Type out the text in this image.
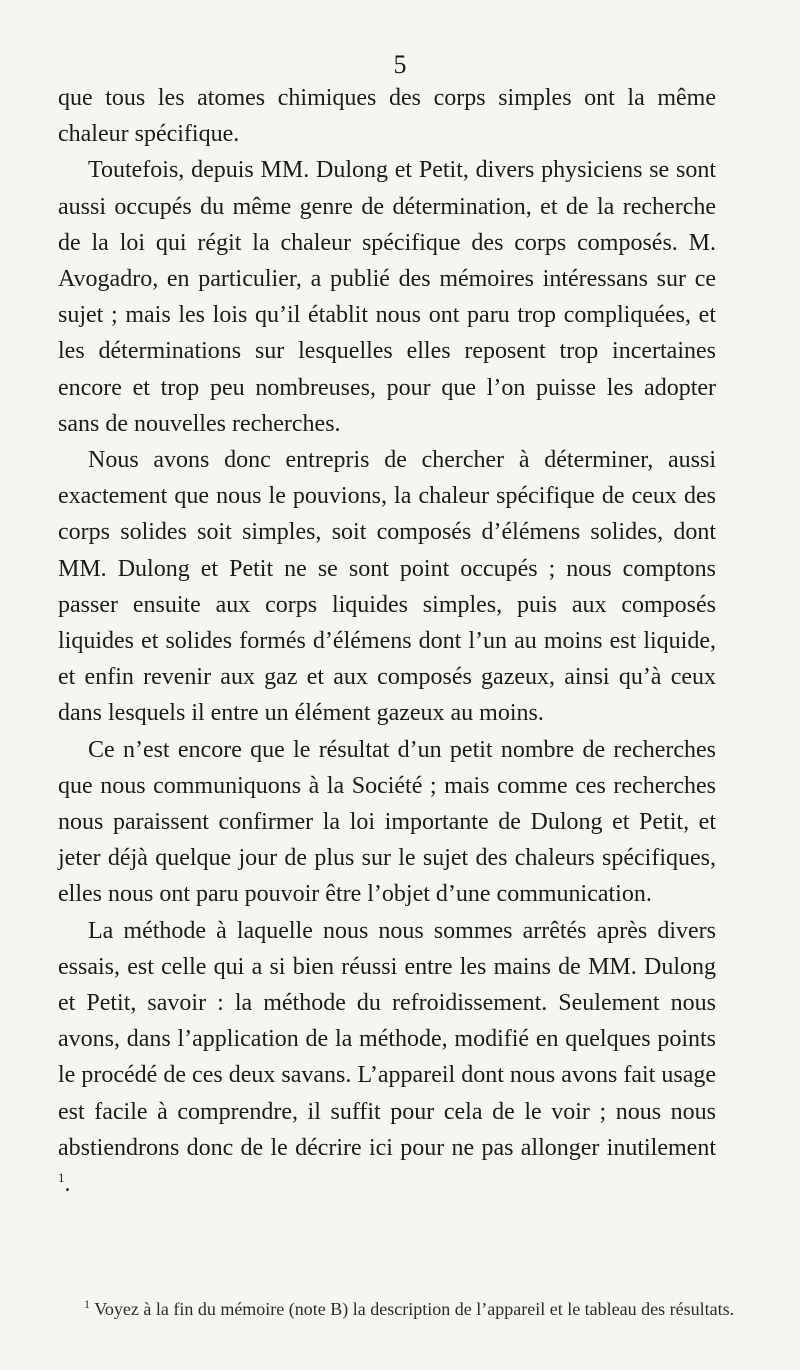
5

que tous les atomes chimiques des corps simples ont la même chaleur spécifique.

Toutefois, depuis MM. Dulong et Petit, divers physiciens se sont aussi occupés du même genre de détermination, et de la recherche de la loi qui régit la chaleur spécifique des corps composés. M. Avogadro, en particulier, a publié des mémoires intéressans sur ce sujet ; mais les lois qu’il établit nous ont paru trop compliquées, et les déterminations sur lesquelles elles reposent trop incertaines encore et trop peu nombreuses, pour que l’on puisse les adopter sans de nouvelles recherches.

Nous avons donc entrepris de chercher à déterminer, aussi exactement que nous le pouvions, la chaleur spécifique de ceux des corps solides soit simples, soit composés d’élémens solides, dont MM. Dulong et Petit ne se sont point occupés ; nous comptons passer ensuite aux corps liquides simples, puis aux composés liquides et solides formés d’élémens dont l’un au moins est liquide, et enfin revenir aux gaz et aux composés gazeux, ainsi qu’à ceux dans lesquels il entre un élément gazeux au moins.

Ce n’est encore que le résultat d’un petit nombre de recherches que nous communiquons à la Société ; mais comme ces recherches nous paraissent confirmer la loi importante de Dulong et Petit, et jeter déjà quelque jour de plus sur le sujet des chaleurs spécifiques, elles nous ont paru pouvoir être l’objet d’une communication.

La méthode à laquelle nous nous sommes arrêtés après divers essais, est celle qui a si bien réussi entre les mains de MM. Dulong et Petit, savoir : la méthode du refroidissement. Seulement nous avons, dans l’application de la méthode, modifié en quelques points le procédé de ces deux savans. L’appareil dont nous avons fait usage est facile à comprendre, il suffit pour cela de le voir ; nous nous abstiendrons donc de le décrire ici pour ne pas allonger inutilement $^1$.

$^1$ Voyez à la fin du mémoire (note B) la description de l’appareil et le tableau des résultats.
